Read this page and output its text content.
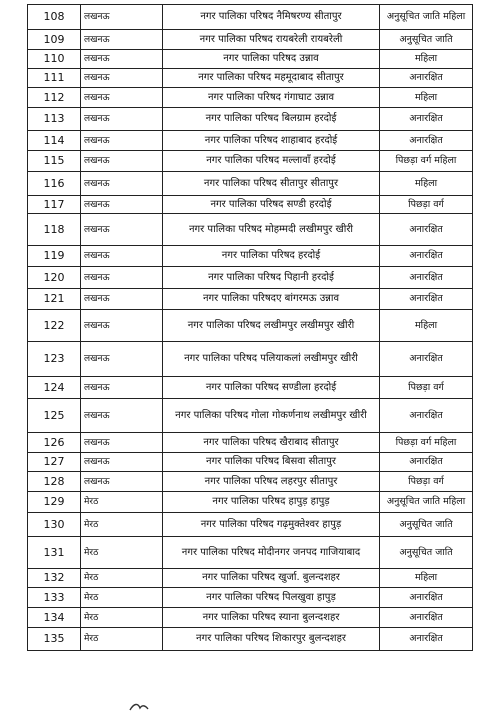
108	लखनऊ	नगर पालिका परिषद नैमिषरण्य सीतापुर	अनुसूचित जाति महिला
109	लखनऊ	नगर पालिका परिषद रायबरेली रायबरेली	अनुसूचित जाति
110	लखनऊ	नगर पालिका परिषद उन्नाव	महिला
111	लखनऊ	नगर पालिका परिषद महमूदाबाद सीतापुर	अनारक्षित
112	लखनऊ	नगर पालिका परिषद गंगाघाट उन्नाव	महिला
113	लखनऊ	नगर पालिका परिषद बिलग्राम हरदोई	अनारक्षित
114	लखनऊ	नगर पालिका परिषद शाहाबाद हरदोई	अनारक्षित
115	लखनऊ	नगर पालिका परिषद मल्लावाँ हरदोई	पिछड़ा वर्ग महिला
116	लखनऊ	नगर पालिका परिषद सीतापुर सीतापुर	महिला
117	लखनऊ	नगर पालिका परिषद सण्डी हरदोई	पिछड़ा वर्ग
118	लखनऊ	नगर पालिका परिषद मोहम्मदी लखीमपुर खीरी	अनारक्षित
119	लखनऊ	नगर पालिका परिषद हरदोई	अनारक्षित
120	लखनऊ	नगर पालिका परिषद पिहानी हरदोई	अनारक्षित
121	लखनऊ	नगर पालिका परिषदए बांगरमऊ उन्नाव	अनारक्षित
122	लखनऊ	नगर पालिका परिषद लखीमपुर लखीमपुर खीरी	महिला
123	लखनऊ	नगर पालिका परिषद पलियाकलां लखीमपुर खीरी	अनारक्षित
124	लखनऊ	नगर पालिका परिषद सण्डीला हरदोई	पिछड़ा वर्ग
125	लखनऊ	नगर पालिका परिषद गोला गोकर्णनाथ लखीमपुर खीरी	अनारक्षित
126	लखनऊ	नगर पालिका परिषद खैराबाद सीतापुर	पिछड़ा वर्ग महिला
127	लखनऊ	नगर पालिका परिषद बिसवा सीतापुर	अनारक्षित
128	लखनऊ	नगर पालिका परिषद लहरपुर सीतापुर	पिछड़ा वर्ग
129	मेरठ	नगर पालिका परिषद हापुड़ हापुड़	अनुसूचित जाति महिला
130	मेरठ	नगर पालिका परिषद गढ़मुक्तेश्वर हापुड़	अनुसूचित जाति
131	मेरठ	नगर पालिका परिषद मोदीनगर जनपद गाजियाबाद	अनुसूचित जाति
132	मेरठ	नगर पालिका परिषद खुर्जा. बुलन्दशहर	महिला
133	मेरठ	नगर पालिका परिषद पिलखुवा हापुड़	अनारक्षित
134	मेरठ	नगर पालिका परिषद स्याना बुलन्दशहर	अनारक्षित
135	मेरठ	नगर पालिका परिषद शिकारपुर बुलन्दशहर	अनारक्षित
